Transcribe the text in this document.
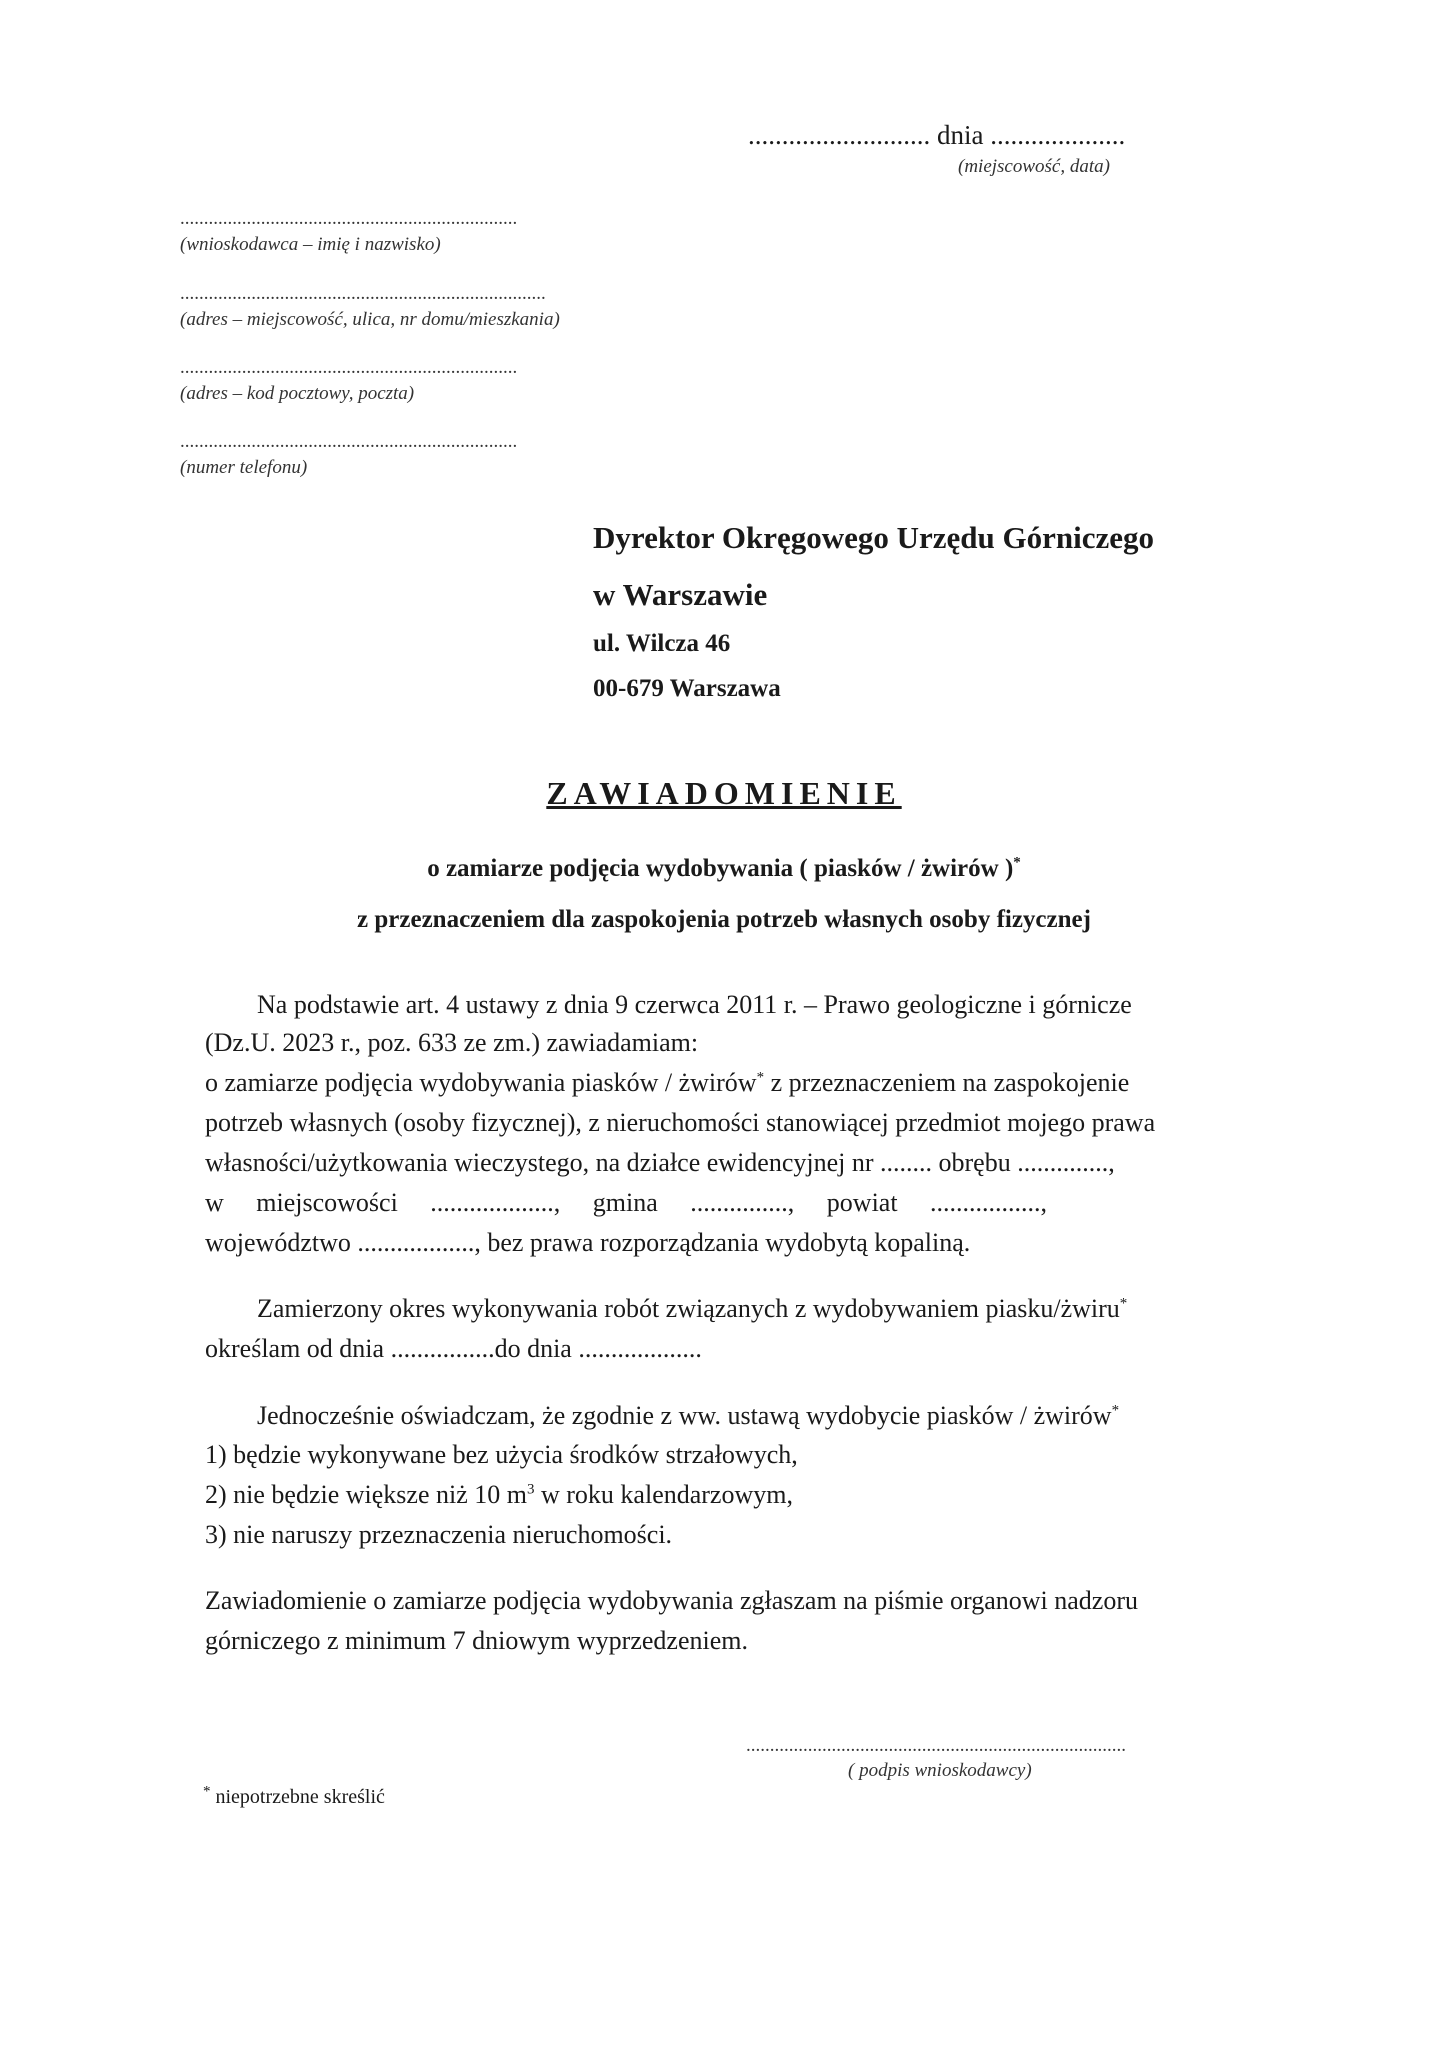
........................... dnia ....................
(miejscowość, data)
.......................................................................
(wnioskodawca – imię i nazwisko)
.............................................................................
(adres – miejscowość, ulica, nr domu/mieszkania)
.......................................................................
(adres – kod pocztowy, poczta)
.......................................................................
(numer telefonu)
Dyrektor Okręgowego Urzędu Górniczego
w Warszawie
ul. Wilcza 46
00-679 Warszawa
ZAWIADOMIENIE
o zamiarze podjęcia wydobywania ( piasków / żwirów )*
z przeznaczeniem dla zaspokojenia potrzeb własnych osoby fizycznej
Na podstawie art. 4 ustawy z dnia 9 czerwca 2011 r. – Prawo geologiczne i górnicze
(Dz.U. 2023 r., poz. 633 ze zm.) zawiadamiam:
o zamiarze podjęcia wydobywania piasków / żwirów* z przeznaczeniem na zaspokojenie
potrzeb własnych (osoby fizycznej), z nieruchomości stanowiącej przedmiot mojego prawa
własności/użytkowania wieczystego, na działce ewidencyjnej nr ........ obrębu ..............,
w miejscowości ..................., gmina ..............., powiat .................,
województwo .................., bez prawa rozporządzania wydobytą kopaliną.
Zamierzony okres wykonywania robót związanych z wydobywaniem piasku/żwiru*
określam od dnia ................do dnia ...................
Jednocześnie oświadczam, że zgodnie z ww. ustawą wydobycie piasków / żwirów*
1) będzie wykonywane bez użycia środków strzałowych,
2) nie będzie większe niż 10 $m^3$ w roku kalendarzowym,
3) nie naruszy przeznaczenia nieruchomości.
Zawiadomienie o zamiarze podjęcia wydobywania zgłaszam na piśmie organowi nadzoru
górniczego z minimum 7 dniowym wyprzedzeniem.
................................................................................
( podpis wnioskodawcy)
* niepotrzebne skreślić
